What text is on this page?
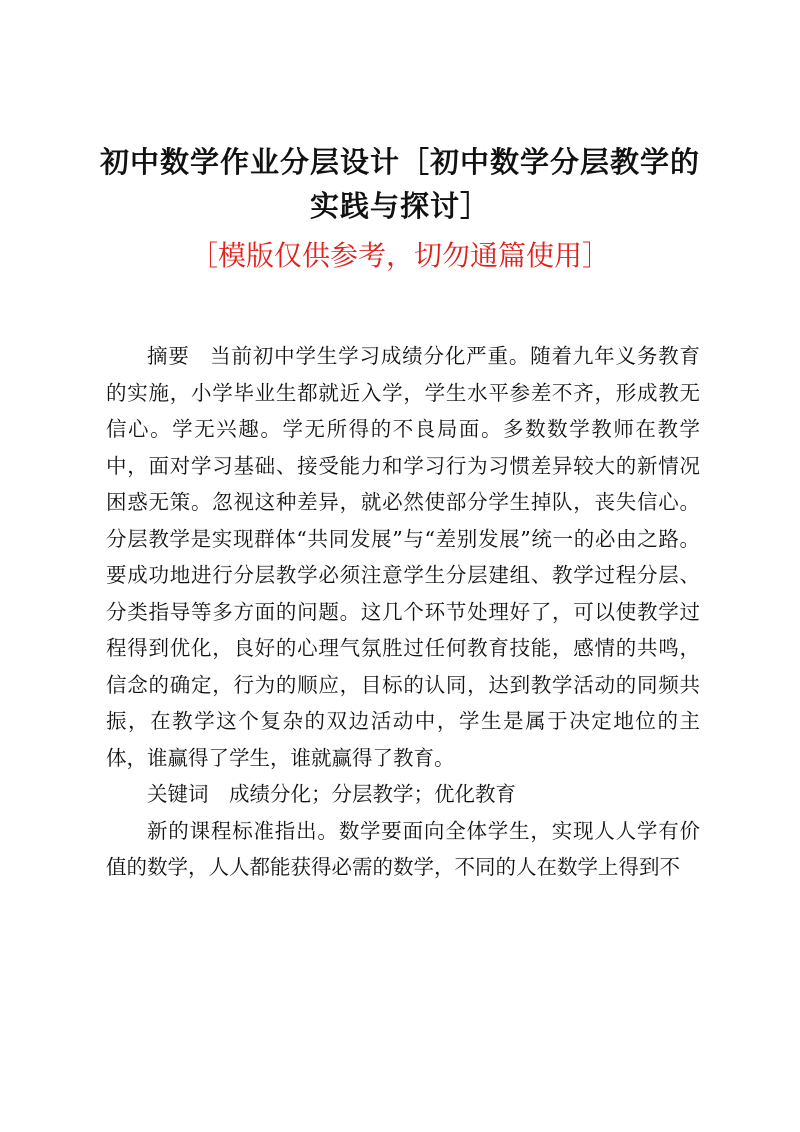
初中数学作业分层设计［初中数学分层教学的
实践与探讨］
［模版仅供参考，切勿通篇使用］

摘要 当前初中学生学习成绩分化严重。随着九年义务教育的实施，小学毕业生都就近入学，学生水平参差不齐，形成教无信心。学无兴趣。学无所得的不良局面。多数数学教师在教学中，面对学习基础、接受能力和学习行为习惯差异较大的新情况困惑无策。忽视这种差异，就必然使部分学生掉队，丧失信心。分层教学是实现群体“共同发展”与“差别发展”统一的必由之路。要成功地进行分层教学必须注意学生分层建组、教学过程分层、分类指导等多方面的问题。这几个环节处理好了，可以使教学过程得到优化，良好的心理气氛胜过任何教育技能，感情的共鸣，信念的确定，行为的顺应，目标的认同，达到教学活动的同频共振，在教学这个复杂的双边活动中，学生是属于决定地位的主体，谁赢得了学生，谁就赢得了教育。

关键词 成绩分化；分层教学；优化教育

新的课程标准指出。数学要面向全体学生，实现人人学有价值的数学，人人都能获得必需的数学，不同的人在数学上得到不
